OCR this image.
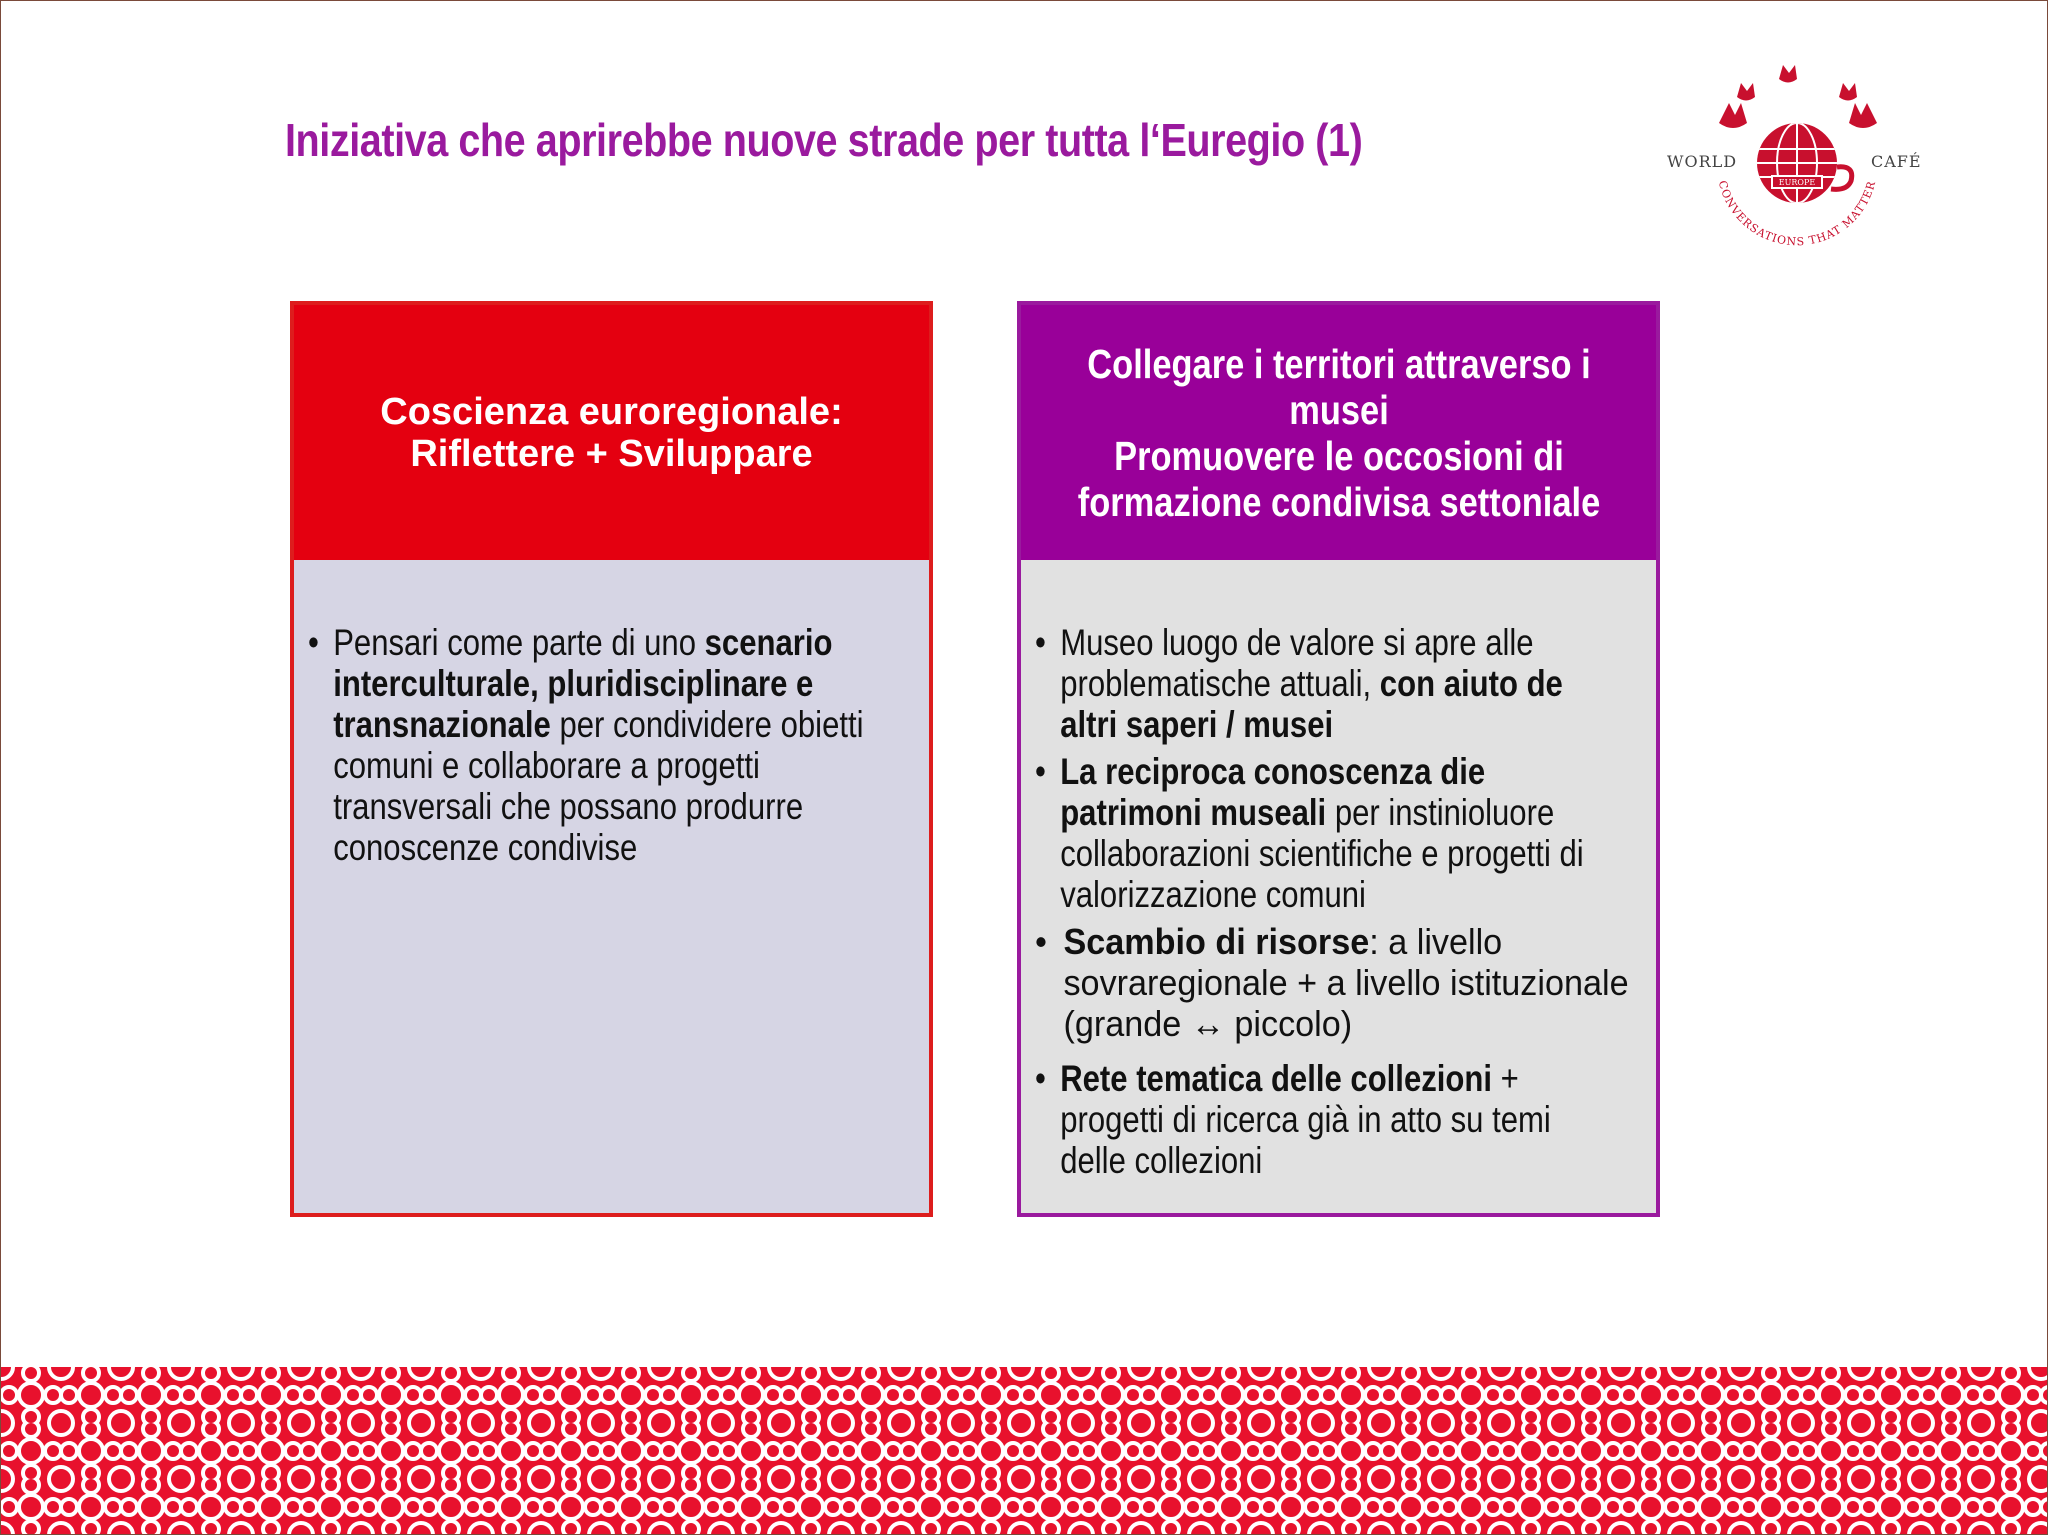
Iniziativa che aprirebbe nuove strade per tutta l‘Euregio (1)
EUROPE
WORLD	CAFÉ
CONVERSATIONS THAT MATTER
Coscienza euroregionale:
Riflettere + Sviluppare
• Pensari come parte di uno scenario interculturale, pluridisciplinare e transnazionale per condividere obietti comuni e collaborare a progetti transversali che possano produrre conoscenze condivise
Collegare i territori attraverso i musei
Promuovere le occosioni di
formazione condivisa settoniale
• Museo luogo de valore si apre alle problematische attuali, con aiuto de altri saperi / musei
• La reciproca conoscenza die patrimoni museali per instinioluore collaborazioni scientifiche e progetti di valorizzazione comuni
• Scambio di risorse: a livello sovraregionale + a livello istituzionale (grande ↔ piccolo)
• Rete tematica delle collezioni + progetti di ricerca già in atto su temi delle collezioni
